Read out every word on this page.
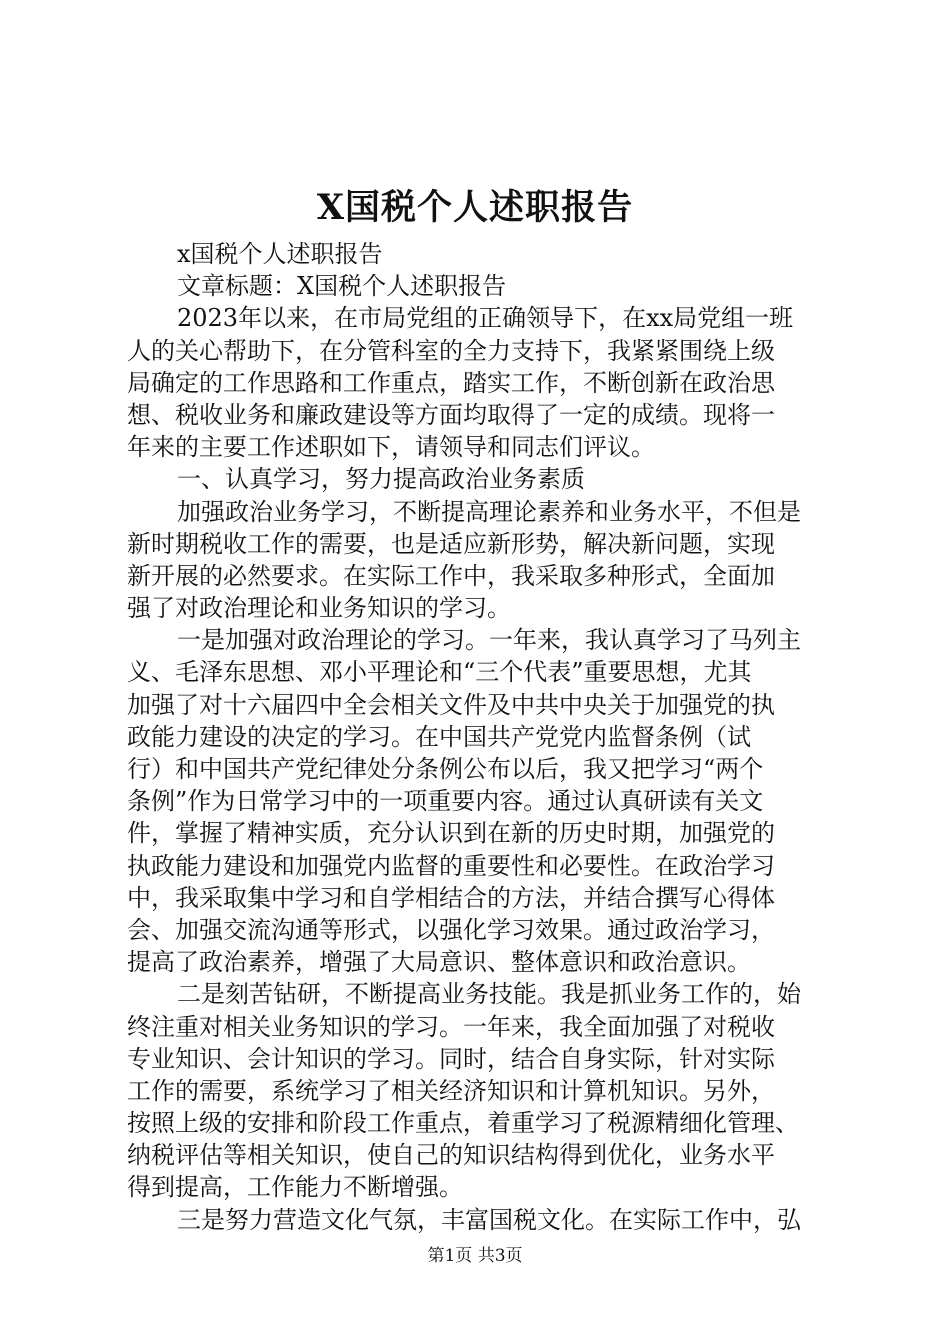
X国税个人述职报告
x国税个人述职报告
文章标题：X国税个人述职报告
2023年以来，在市局党组的正确领导下，在xx局党组一班
人的关心帮助下，在分管科室的全力支持下，我紧紧围绕上级
局确定的工作思路和工作重点，踏实工作，不断创新在政治思
想、税收业务和廉政建设等方面均取得了一定的成绩。现将一
年来的主要工作述职如下，请领导和同志们评议。
一、认真学习，努力提高政治业务素质
加强政治业务学习，不断提高理论素养和业务水平，不但是
新时期税收工作的需要，也是适应新形势，解决新问题，实现
新开展的必然要求。在实际工作中，我采取多种形式，全面加
强了对政治理论和业务知识的学习。
一是加强对政治理论的学习。一年来，我认真学习了马列主
义、毛泽东思想、邓小平理论和“三个代表”重要思想，尤其
加强了对十六届四中全会相关文件及中共中央关于加强党的执
政能力建设的决定的学习。在中国共产党党内监督条例（试
行）和中国共产党纪律处分条例公布以后，我又把学习“两个
条例”作为日常学习中的一项重要内容。通过认真研读有关文
件，掌握了精神实质，充分认识到在新的历史时期，加强党的
执政能力建设和加强党内监督的重要性和必要性。在政治学习
中，我采取集中学习和自学相结合的方法，并结合撰写心得体
会、加强交流沟通等形式，以强化学习效果。通过政治学习，
提高了政治素养，增强了大局意识、整体意识和政治意识。
二是刻苦钻研，不断提高业务技能。我是抓业务工作的，始
终注重对相关业务知识的学习。一年来，我全面加强了对税收
专业知识、会计知识的学习。同时，结合自身实际，针对实际
工作的需要，系统学习了相关经济知识和计算机知识。另外，
按照上级的安排和阶段工作重点，着重学习了税源精细化管理、
纳税评估等相关知识，使自己的知识结构得到优化，业务水平
得到提高，工作能力不断增强。
三是努力营造文化气氛，丰富国税文化。在实际工作中，弘
第1页 共3页
